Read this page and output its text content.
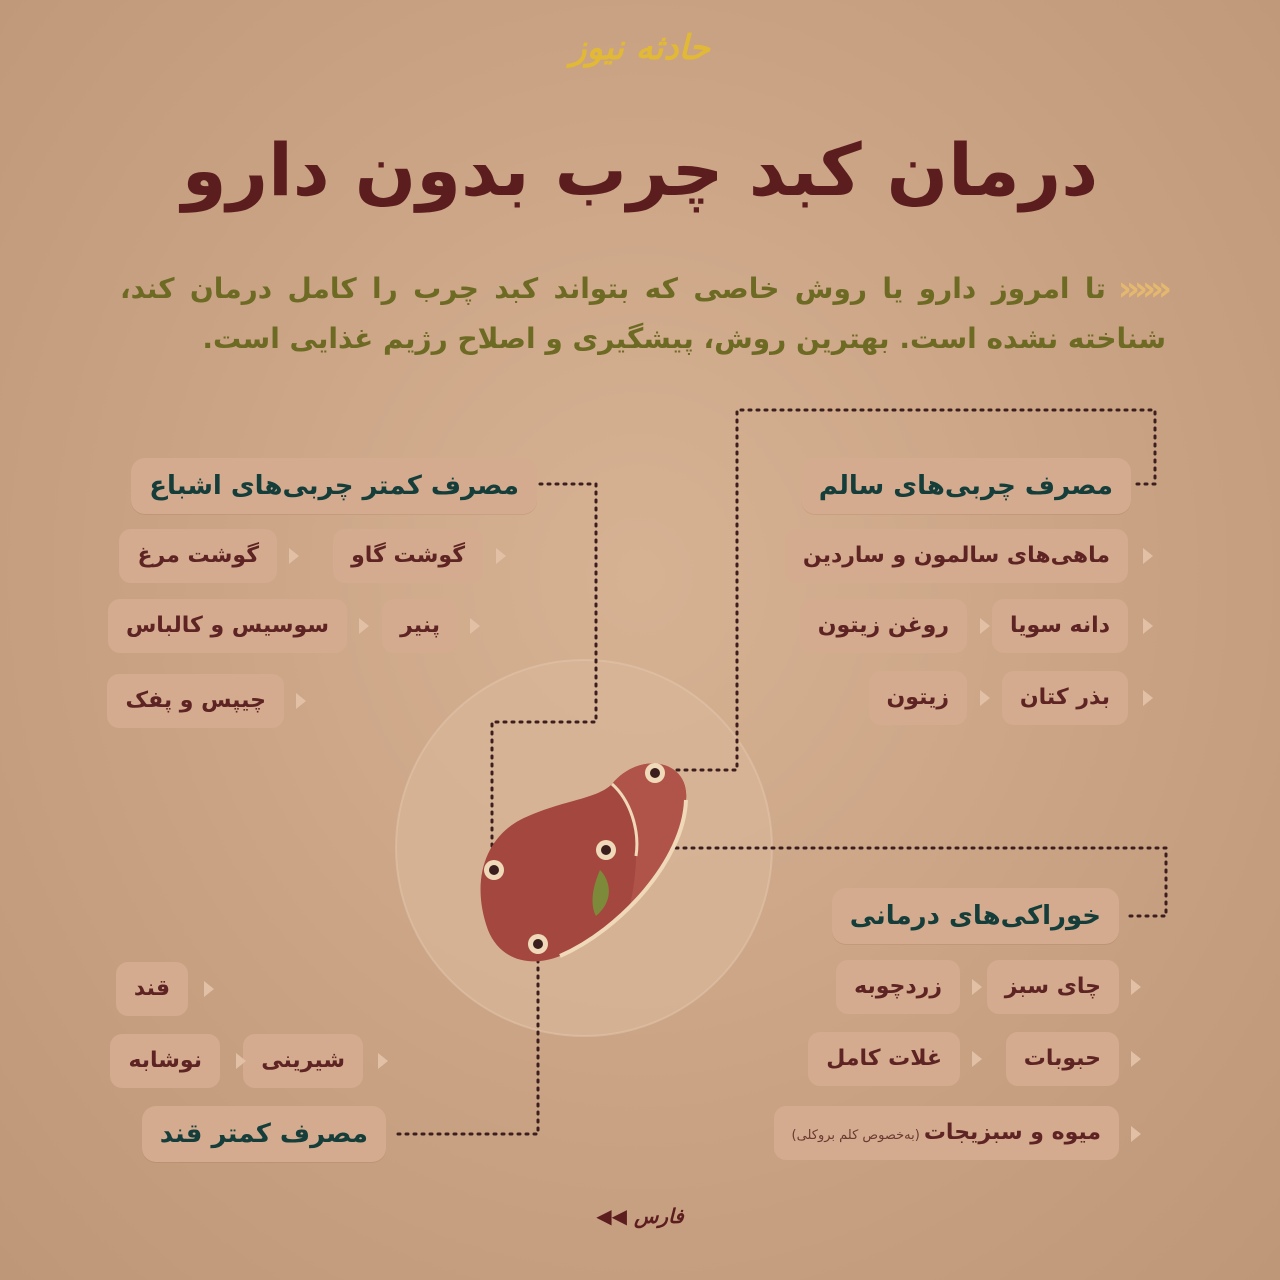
حادثه نیوز
درمان کبد چرب بدون دارو
‹‹‹‹‹‹تا امروز دارو یا روش خاصی که بتواند کبد چرب را کامل درمان کند، شناخته نشده است. بهترین روش، پیشگیری و اصلاح رژیم غذایی است.
مصرف چربی‌های سالم
ماهی‌های سالمون و ساردین
دانه سویا
روغن زیتون
بذر کتان
زیتون
مصرف کمتر چربی‌های اشباع
گوشت گاو
گوشت مرغ
پنیر
سوسیس و کالباس
چیپس و پفک
خوراکی‌های درمانی
چای سبز
زردچوبه
حبوبات
غلات کامل
میوه و سبزیجات(به‌خصوص کلم بروکلی)
قند
شیرینی
نوشابه
مصرف کمتر قند
فارس ◀◀
